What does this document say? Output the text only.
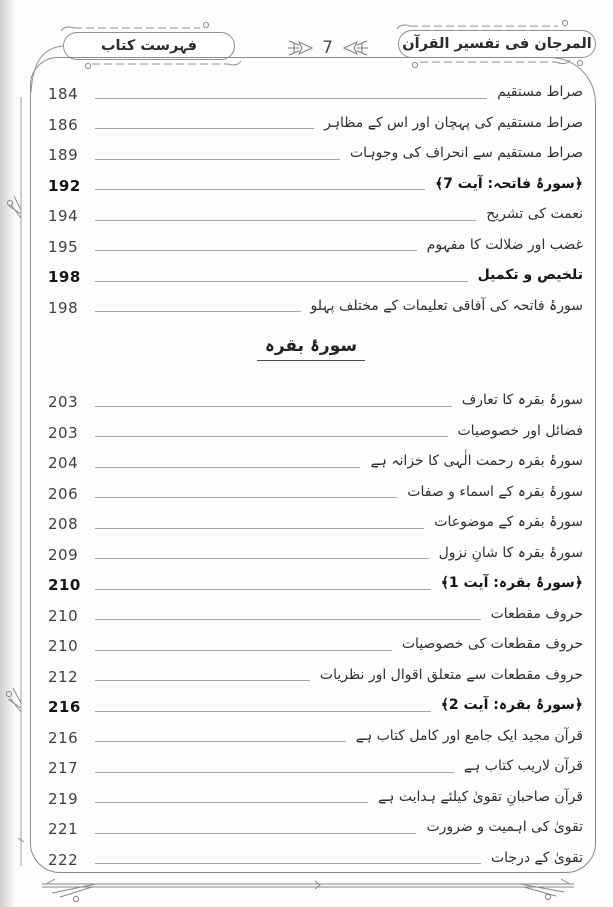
المرجان فی تفسیر القرآن
7
فہرست کتاب
184	صراط مستقیم
186	صراط مستقیم کی پہچان اور اس کے مظاہر
189	صراط مستقیم سے انحراف کی وجوہات
192	﴿سورۂ فاتحہ: آیت 7﴾
194	نعمت کی تشریح
195	غضب اور ضلالت کا مفہوم
198	تلخیص و تکمیل
198	سورۂ فاتحہ کی آفاقی تعلیمات کے مختلف پہلو
سورۂ بقرہ
203	سورۂ بقرہ کا تعارف
203	فضائل اور خصوصیات
204	سورۂ بقرہ رحمت الٰہی کا خزانہ ہے
206	سورۂ بقرہ کے اسماء و صفات
208	سورۂ بقرہ کے موضوعات
209	سورۂ بقرہ کا شانِ نزول
210	﴿سورۂ بقرہ: آیت 1﴾
210	حروف مقطعات
210	حروف مقطعات کی خصوصیات
212	حروف مقطعات سے متعلق اقوال اور نظریات
216	﴿سورۂ بقرہ: آیت 2﴾
216	قرآن مجید ایک جامع اور کامل کتاب ہے
217	قرآن لاریب کتاب ہے
219	قرآن صاحبانِ تقویٰ کیلئے ہدایت ہے
221	تقویٰ کی اہمیت و ضرورت
222	تقویٰ کے درجات
